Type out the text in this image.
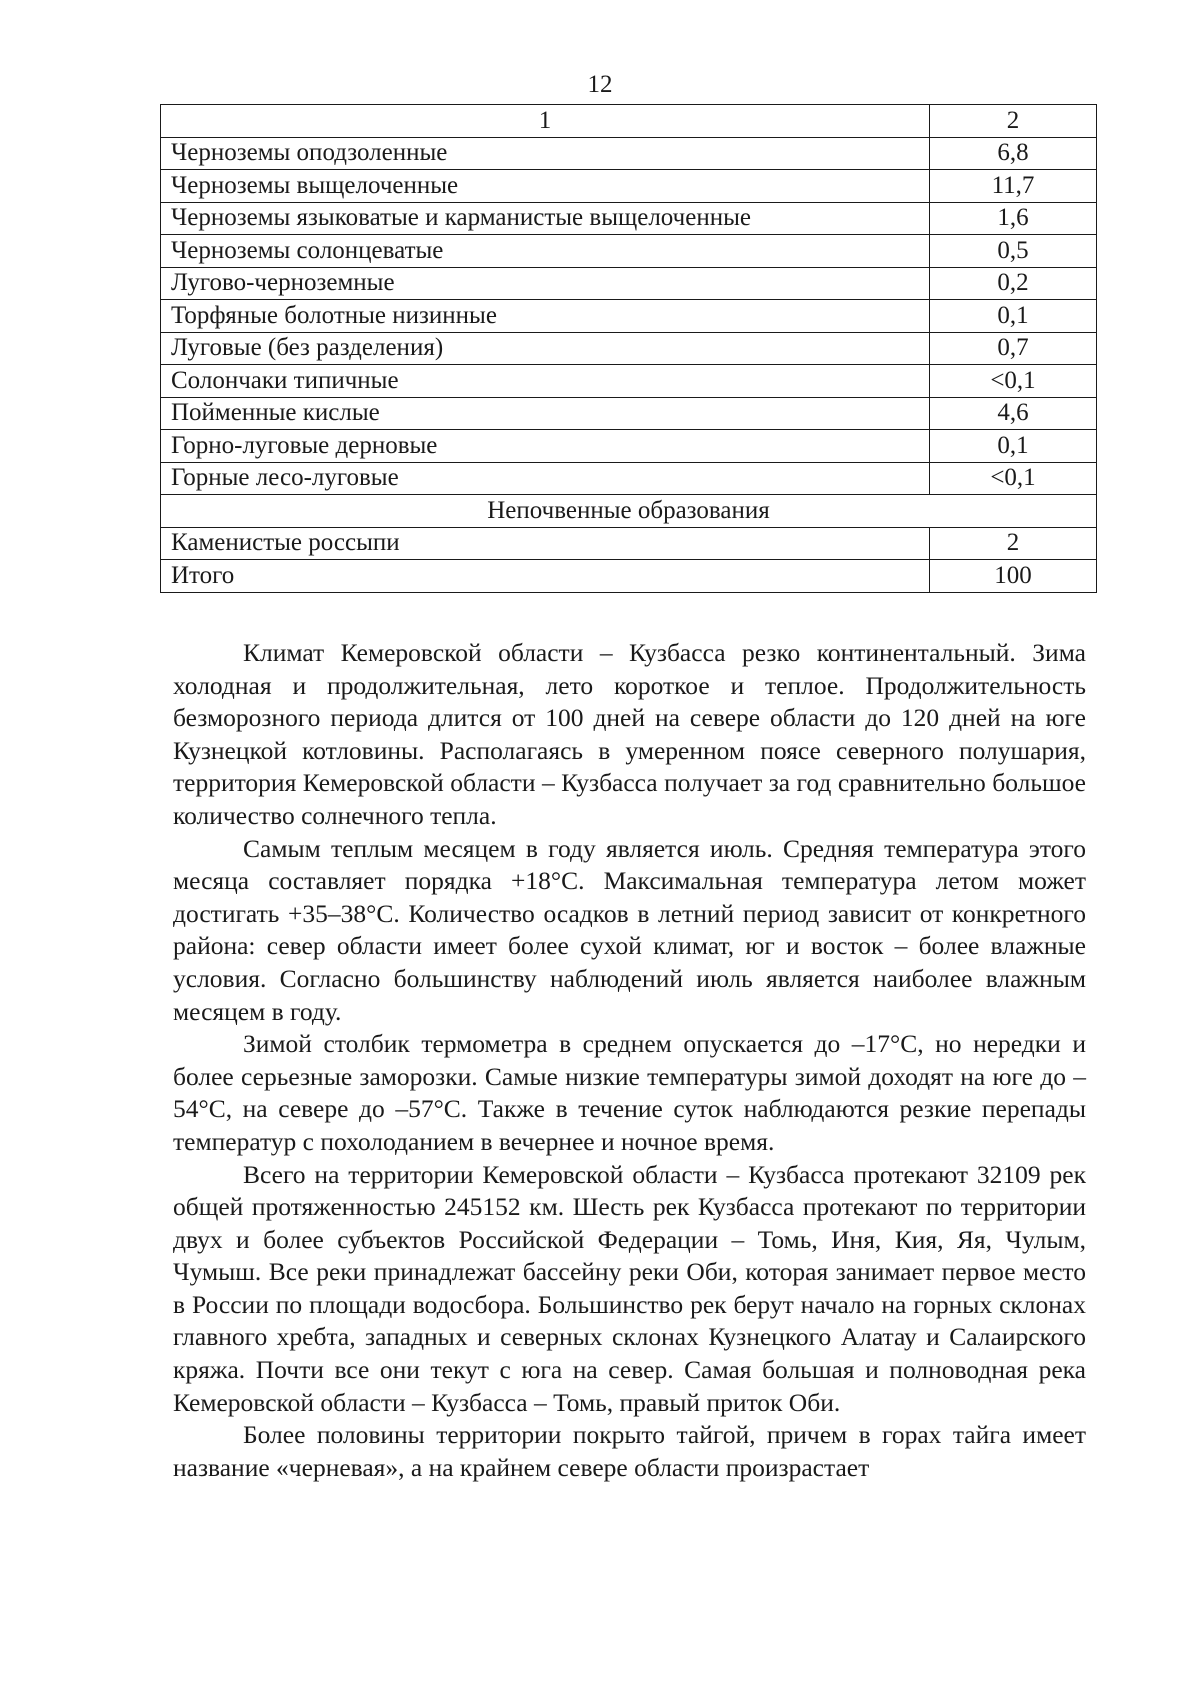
12
1	2
Черноземы оподзоленные	6,8
Черноземы выщелоченные	11,7
Черноземы языковатые и карманистые выщелоченные	1,6
Черноземы солонцеватые	0,5
Лугово-черноземные	0,2
Торфяные болотные низинные	0,1
Луговые (без разделения)	0,7
Солончаки типичные	<0,1
Пойменные кислые	4,6
Горно-луговые дерновые	0,1
Горные лесо-луговые	<0,1
Непочвенные образования	
Каменистые россыпи	2
Итого	100

Климат Кемеровской области – Кузбасса резко континентальный. Зима холодная и продолжительная, лето короткое и теплое. Продолжительность безморозного периода длится от 100 дней на севере области до 120 дней на юге Кузнецкой котловины. Располагаясь в умеренном поясе северного полушария, территория Кемеровской области – Кузбасса получает за год сравнительно большое количество солнечного тепла.

Самым теплым месяцем в году является июль. Средняя температура этого месяца составляет порядка +18°С. Максимальная температура летом может достигать +35–38°С. Количество осадков в летний период зависит от конкретного района: север области имеет более сухой климат, юг и восток – более влажные условия. Согласно большинству наблюдений июль является наиболее влажным месяцем в году.

Зимой столбик термометра в среднем опускается до –17°С, но нередки и более серьезные заморозки. Самые низкие температуры зимой доходят на юге до –54°С, на севере до –57°С. Также в течение суток наблюдаются резкие перепады температур с похолоданием в вечернее и ночное время.

Всего на территории Кемеровской области – Кузбасса протекают 32109 рек общей протяженностью 245152 км. Шесть рек Кузбасса протекают по территории двух и более субъектов Российской Федерации – Томь, Иня, Кия, Яя, Чулым, Чумыш. Все реки принадлежат бассейну реки Оби, которая занимает первое место в России по площади водосбора. Большинство рек берут начало на горных склонах главного хребта, западных и северных склонах Кузнецкого Алатау и Салаирского кряжа. Почти все они текут с юга на север. Самая большая и полноводная река Кемеровской области – Кузбасса – Томь, правый приток Оби.

Более половины территории покрыто тайгой, причем в горах тайга имеет название «черневая», а на крайнем севере области произрастает
